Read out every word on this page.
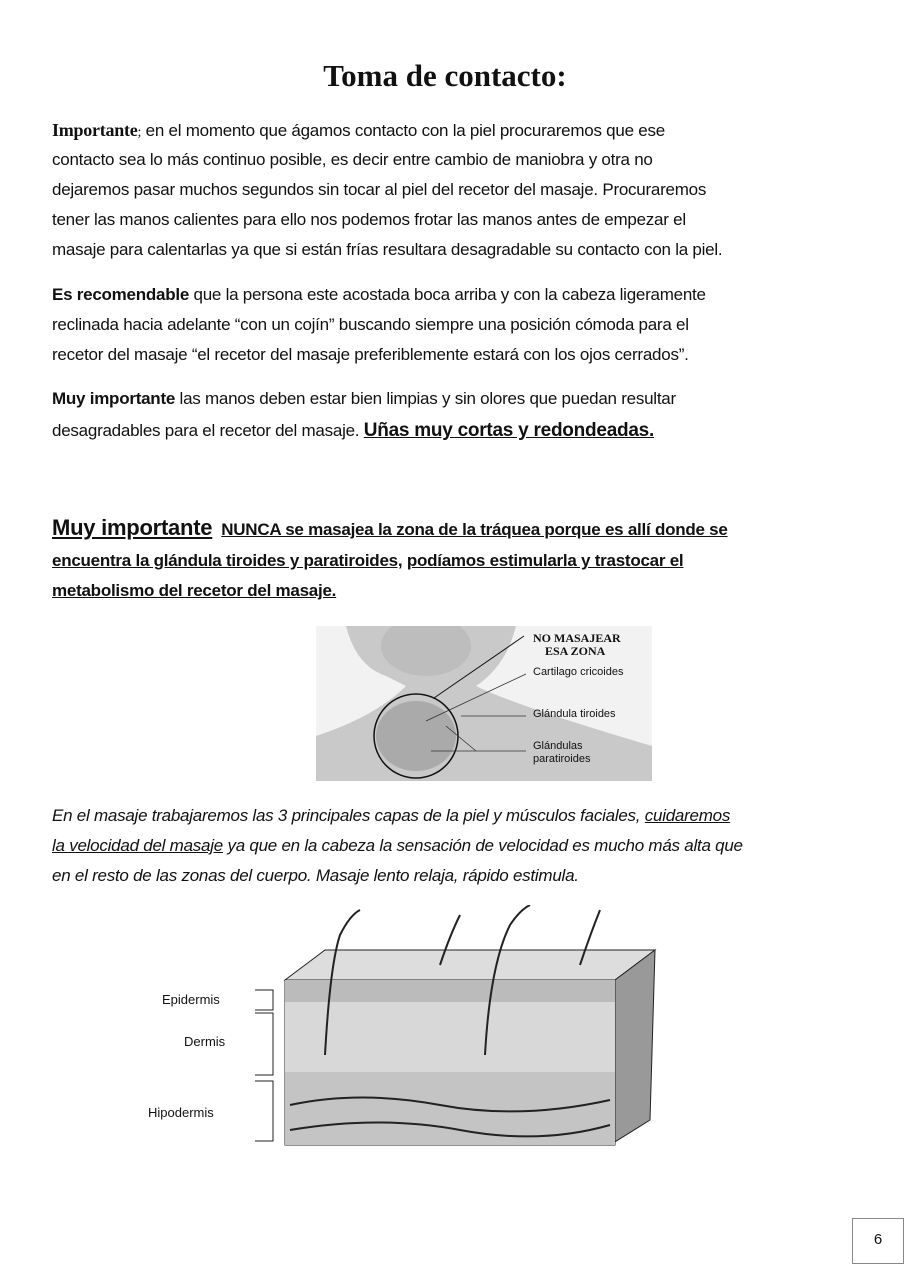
Toma de contacto:
Importante; en el momento que ágamos contacto con la piel procuraremos que ese
contacto sea lo más continuo posible, es decir entre cambio de maniobra y otra no
dejaremos pasar muchos segundos sin tocar al piel del recetor del masaje. Procuraremos
tener las manos calientes para ello nos podemos frotar las manos antes de empezar el
masaje para calentarlas ya que si están frías resultara desagradable su contacto con la piel.
Es recomendable que la persona este acostada boca arriba y con la cabeza ligeramente
reclinada hacia adelante “con un cojín” buscando siempre una posición cómoda para el
recetor del masaje “el recetor del masaje preferiblemente estará con los ojos cerrados”.
Muy importante las manos deben estar bien limpias y sin olores que puedan resultar
desagradables para el recetor del masaje. Uñas muy cortas y redondeadas.
Muy importante NUNCA se masajea la zona de la tráquea porque es allí donde se
encuentra la glándula tiroides y paratiroides, podíamos estimularla y trastocar el
metabolismo del recetor del masaje.
NO MASAJEAR
ESA ZONA
Cartilago cricoides
Glándula tiroides
Glándulas
paratiroides
En el masaje trabajaremos las 3 principales capas de la piel y músculos faciales, cuidaremos
la velocidad del masaje ya que en la cabeza la sensación de velocidad es mucho más alta que
en el resto de las zonas del cuerpo. Masaje lento relaja, rápido estimula.
Epidermis
Dermis
Hipodermis
6
